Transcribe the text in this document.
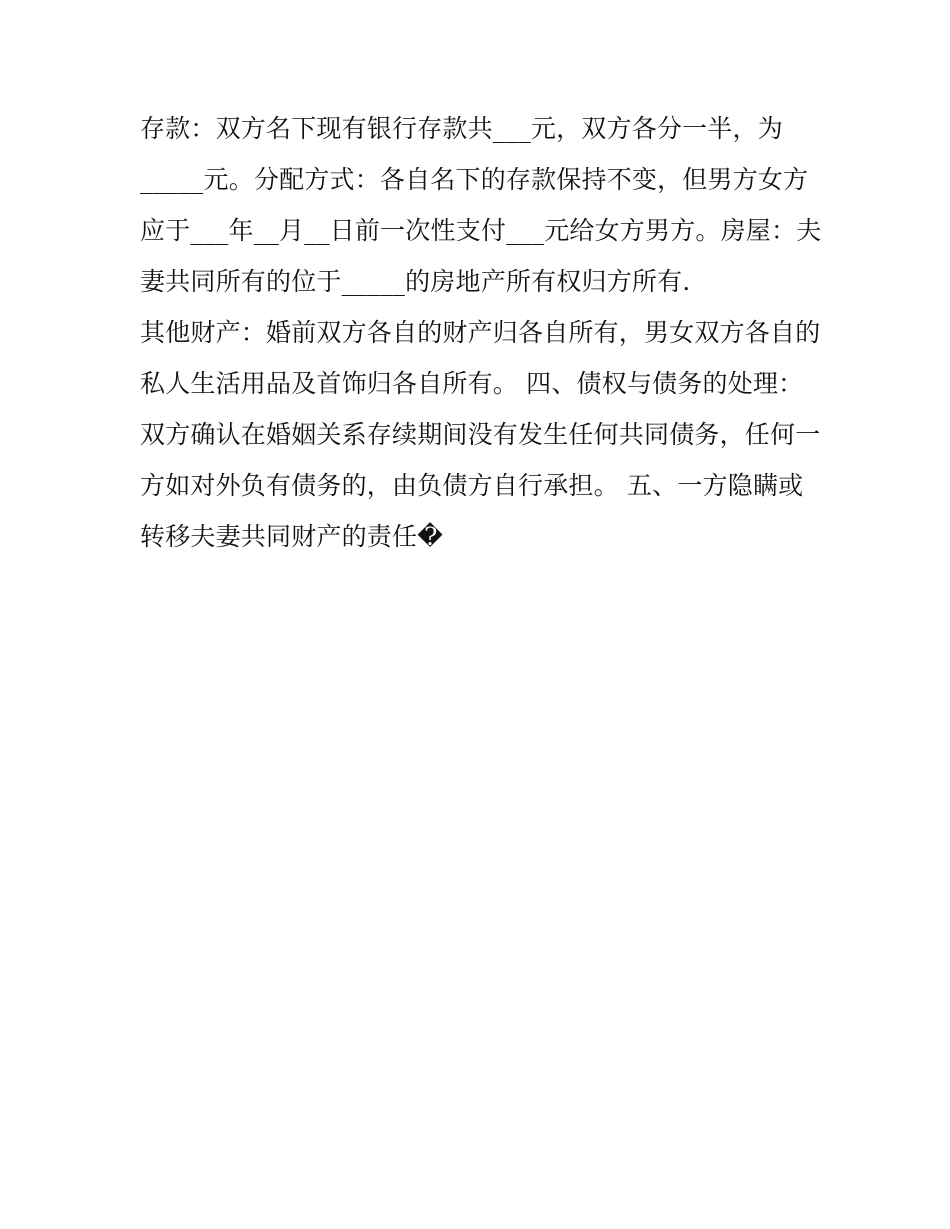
存款：双方名下现有银行存款共___元，双方各分一半，为
_____元。分配方式：各自名下的存款保持不变，但男方女方
应于___年__月__日前一次性支付___元给女方男方。房屋：夫
妻共同所有的位于_____的房地产所有权归方所有.
其他财产：婚前双方各自的财产归各自所有，男女双方各自的
私人生活用品及首饰归各自所有。 四、债权与债务的处理：
双方确认在婚姻关系存续期间没有发生任何共同债务，任何一
方如对外负有债务的，由负债方自行承担。 五、一方隐瞒或
转移夫妻共同财产的责任�
